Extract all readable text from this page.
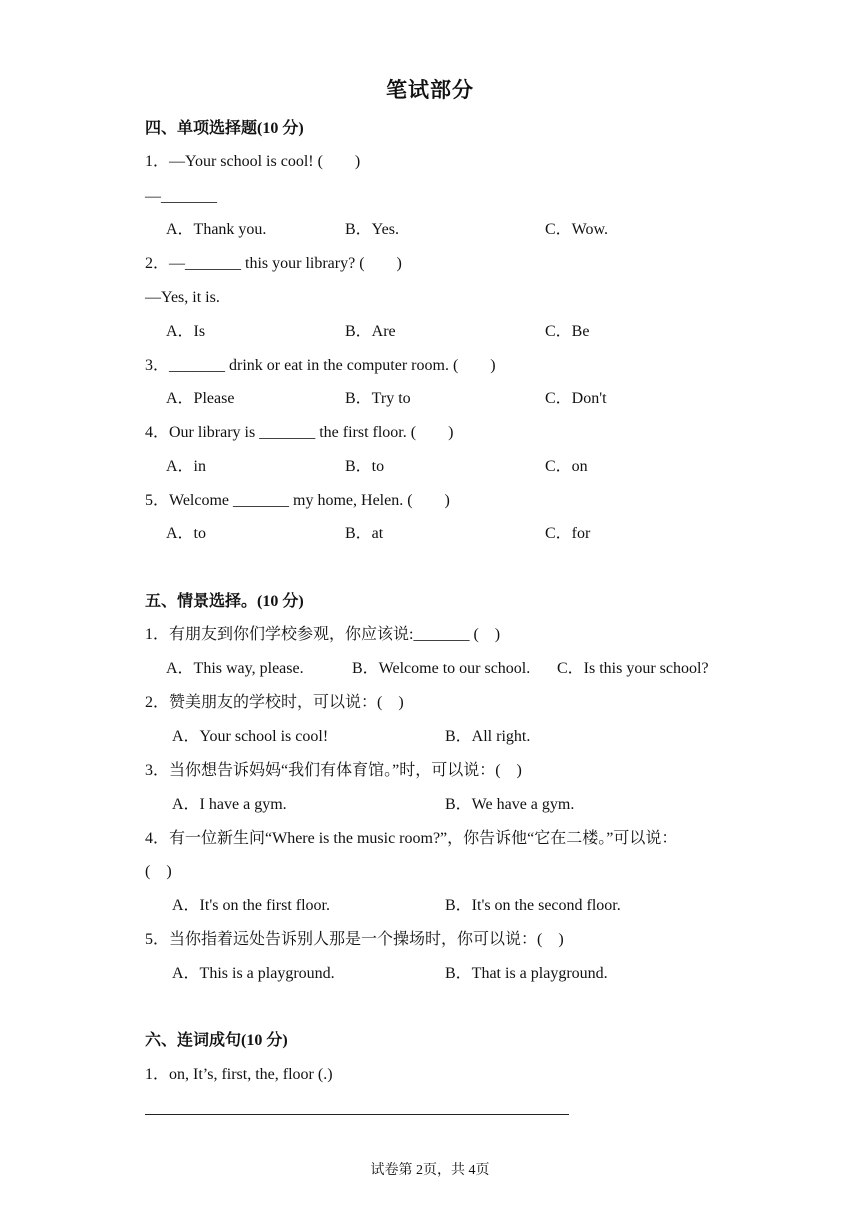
笔试部分
四、单项选择题(10 分)
1．—Your school is cool! (　　)
—_______
A．Thank you.	B．Yes.	C．Wow.
2．—_______ this your library? (　　)
—Yes, it is.
A．Is	B．Are	C．Be
3．_______ drink or eat in the computer room. (　　)
A．Please	B．Try to	C．Don't
4．Our library is _______ the first floor. (　　)
A．in	B．to	C．on
5．Welcome _______ my home, Helen. (　　)
A．to	B．at	C．for
五、情景选择。(10 分)
1．有朋友到你们学校参观，你应该说:_______ (　)
A．This way, please.	B．Welcome to our school. C．Is this your school?
2．赞美朋友的学校时，可以说：(　)
A．Your school is cool!	B．All right.
3．当你想告诉妈妈“我们有体育馆。”时，可以说：(　)
A．I have a gym.	B．We have a gym.
4．有一位新生问“Where is the music room?”，你告诉他“它在二楼。”可以说：
(　)
A．It's on the first floor.	B．It's on the second floor.
5．当你指着远处告诉别人那是一个操场时，你可以说：(　)
A．This is a playground.	B．That is a playground.
六、连词成句(10 分)
1．on, It’s, first, the, floor (.)
试卷第 2页，共 4页
